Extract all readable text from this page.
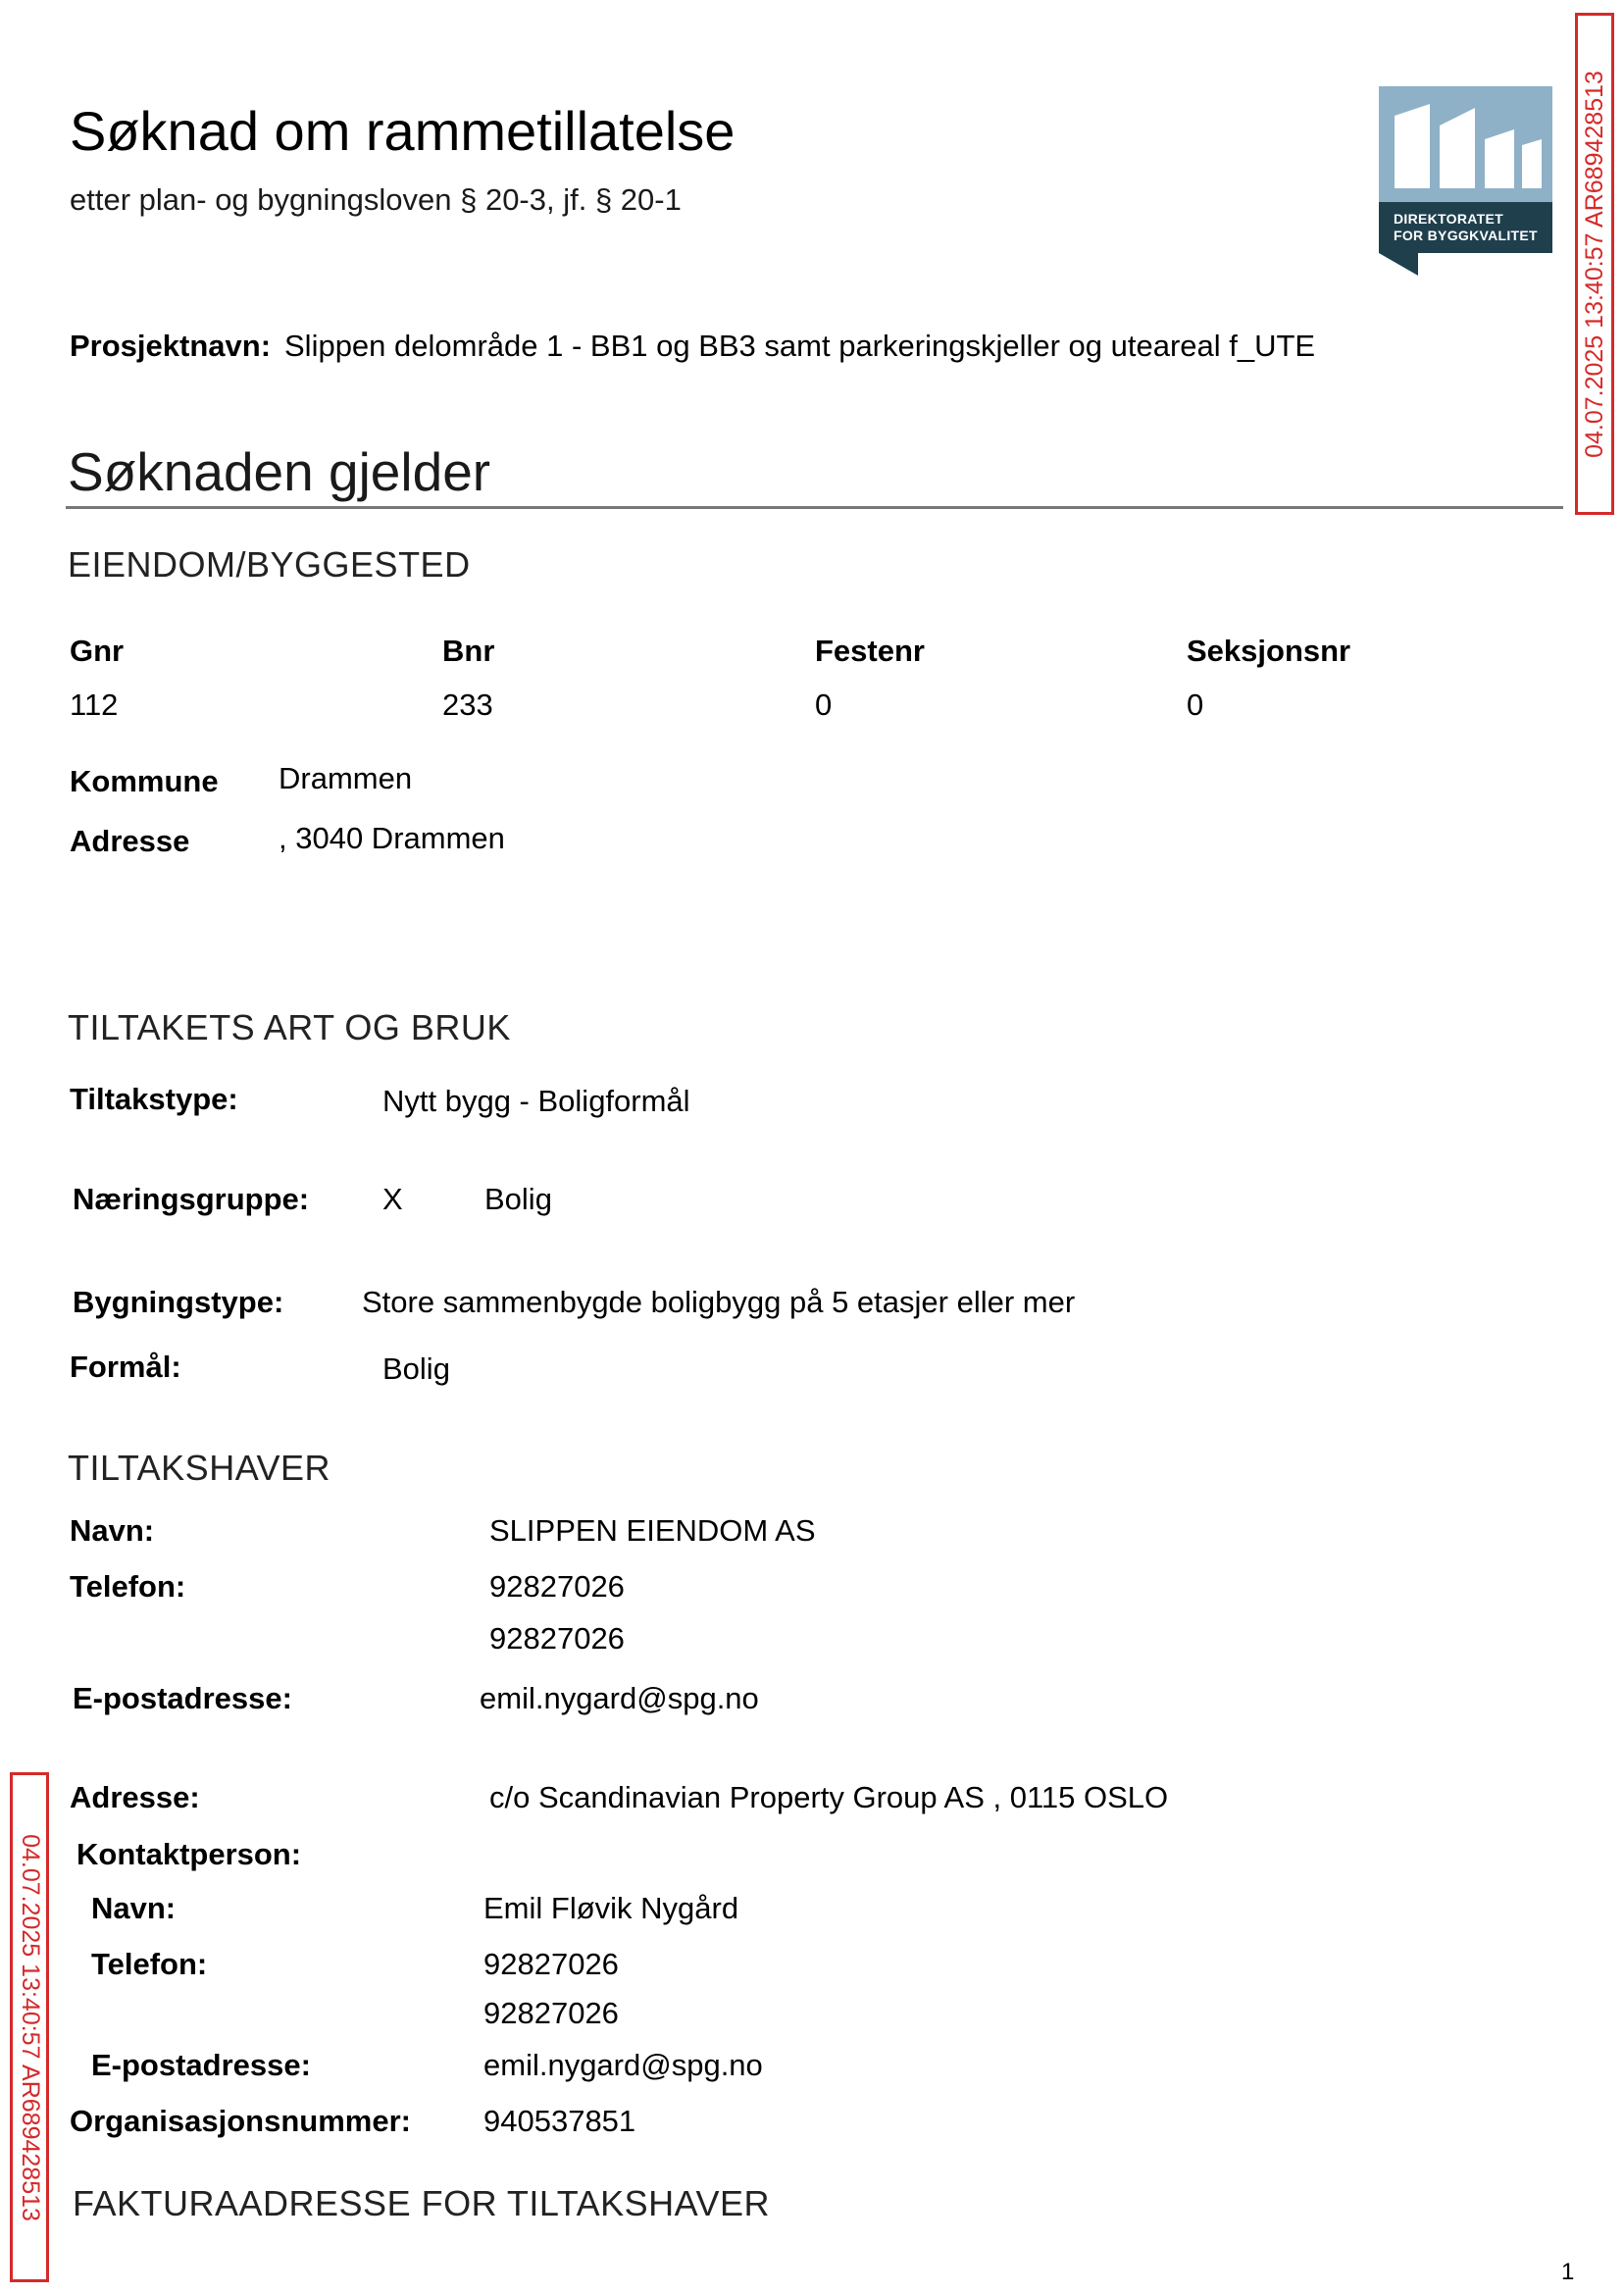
Søknad om rammetillatelse
etter plan- og bygningsloven § 20-3, jf. § 20-1
DIREKTORATET
FOR BYGGKVALITET 04.07.2025 13:40:57 AR689428513
04.07.2025 13:40:57 AR689428513
Prosjektnavn: Slippen delområde 1 - BB1 og BB3 samt parkeringskjeller og uteareal f_UTE
Søknaden gjelder
EIENDOM/BYGGESTED
Gnr	Bnr	Festenr	Seksjonsnr
112	233	0	0
Kommune Drammen
Adresse	, 3040 Drammen
TILTAKETS ART OG BRUK
Tiltakstype:	Nytt bygg - Boligformål
Næringsgruppe: X	Bolig
Bygningstype:	Store sammenbygde boligbygg på 5 etasjer eller mer
Formål:	Bolig
TILTAKSHAVER
Navn:	SLIPPEN EIENDOM AS
Telefon:	92827026
92827026
E-postadresse:	emil.nygard@spg.no
Adresse:	c/o Scandinavian Property Group AS , 0115 OSLO
Kontaktperson:
Navn:	Emil Fløvik Nygård
Telefon:	92827026
92827026
E-postadresse:	emil.nygard@spg.no
Organisasjonsnummer: 940537851
FAKTURAADRESSE FOR TILTAKSHAVER
1
